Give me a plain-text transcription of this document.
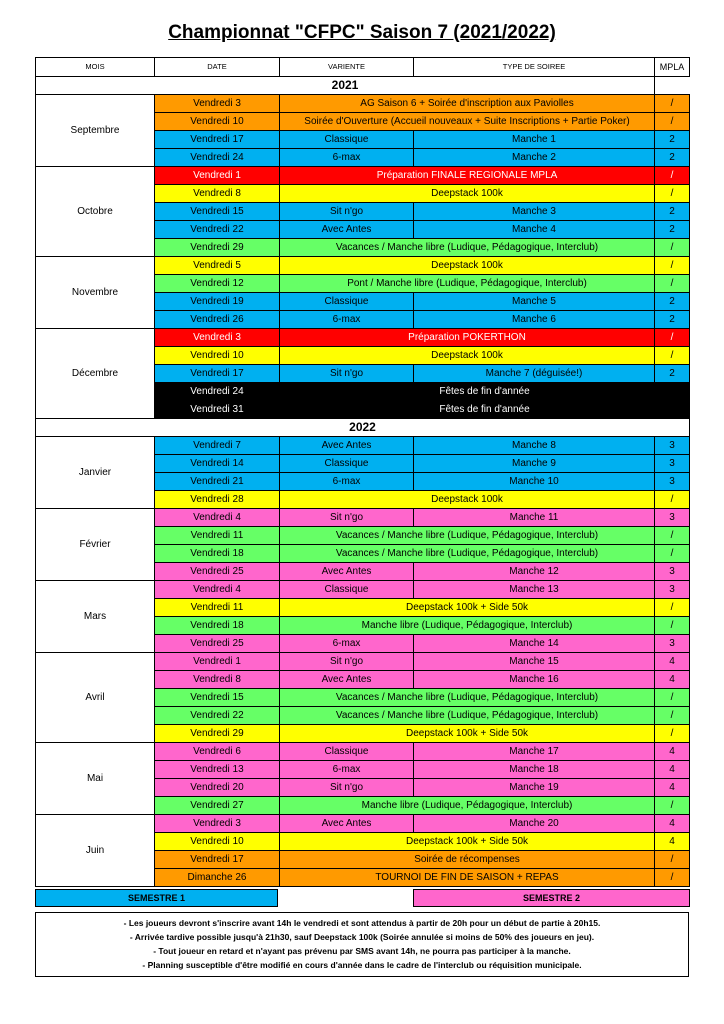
Championnat "CFPC" Saison 7 (2021/2022)
MOIS	DATE	VARIENTE	TYPE DE SOIREE	MPLA
2021				
Septembre	Vendredi 3	AG Saison 6 + Soirée d'inscription aux Paviolles		/
	Vendredi 10	Soirée d'Ouverture (Accueil nouveaux + Suite Inscriptions + Partie Poker)		/
	Vendredi 17	Classique	Manche 1	2
	Vendredi 24	6-max	Manche 2	2
Octobre	Vendredi 1	Préparation FINALE REGIONALE MPLA		/
	Vendredi 8	Deepstack 100k		/
	Vendredi 15	Sit n'go	Manche 3	2
	Vendredi 22	Avec Antes	Manche 4	2
	Vendredi 29	Vacances / Manche libre (Ludique, Pédagogique, Interclub)		/
Novembre	Vendredi 5	Deepstack 100k		/
	Vendredi 12	Pont / Manche libre (Ludique, Pédagogique, Interclub)		/
	Vendredi 19	Classique	Manche 5	2
	Vendredi 26	6-max	Manche 6	2
Décembre	Vendredi 3	Préparation POKERTHON		/
	Vendredi 10	Deepstack 100k		/
	Vendredi 17	Sit n'go	Manche 7 (déguisée!)	2
	Vendredi 24	Fêtes de fin d'année		
	Vendredi 31	Fêtes de fin d'année		
2022				
Janvier	Vendredi 7	Avec Antes	Manche 8	3
	Vendredi 14	Classique	Manche 9	3
	Vendredi 21	6-max	Manche 10	3
	Vendredi 28	Deepstack 100k		/
Février	Vendredi 4	Sit n'go	Manche 11	3
	Vendredi 11	Vacances / Manche libre (Ludique, Pédagogique, Interclub)		/
	Vendredi 18	Vacances / Manche libre (Ludique, Pédagogique, Interclub)		/
	Vendredi 25	Avec Antes	Manche 12	3
Mars	Vendredi 4	Classique	Manche 13	3
	Vendredi 11	Deepstack 100k + Side 50k		/
	Vendredi 18	Manche libre (Ludique, Pédagogique, Interclub)		/
	Vendredi 25	6-max	Manche 14	3
Avril	Vendredi 1	Sit n'go	Manche 15	4
	Vendredi 8	Avec Antes	Manche 16	4
	Vendredi 15	Vacances / Manche libre (Ludique, Pédagogique, Interclub)		/
	Vendredi 22	Vacances / Manche libre (Ludique, Pédagogique, Interclub)		/
	Vendredi 29	Deepstack 100k + Side 50k		/
Mai	Vendredi 6	Classique	Manche 17	4
	Vendredi 13	6-max	Manche 18	4
	Vendredi 20	Sit n'go	Manche 19	4
	Vendredi 27	Manche libre (Ludique, Pédagogique, Interclub)		/
Juin	Vendredi 3	Avec Antes	Manche 20	4
	Vendredi 10	Deepstack 100k + Side 50k		4
	Vendredi 17	Soirée de récompenses		/
	Dimanche 26	TOURNOI DE FIN DE SAISON + REPAS		/
SEMESTRE 1	SEMESTRE 2
- Les joueurs devront s'inscrire avant 14h le vendredi et sont attendus à partir de 20h pour un début de partie à 20h15.
- Arrivée tardive possible jusqu'à 21h30, sauf Deepstack 100k (Soirée annulée si moins de 50% des joueurs en jeu).
- Tout joueur en retard et n'ayant pas prévenu par SMS avant 14h, ne pourra pas participer à la manche.
- Planning susceptible d'être modifié en cours d'année dans le cadre de l'interclub ou réquisition municipale.
